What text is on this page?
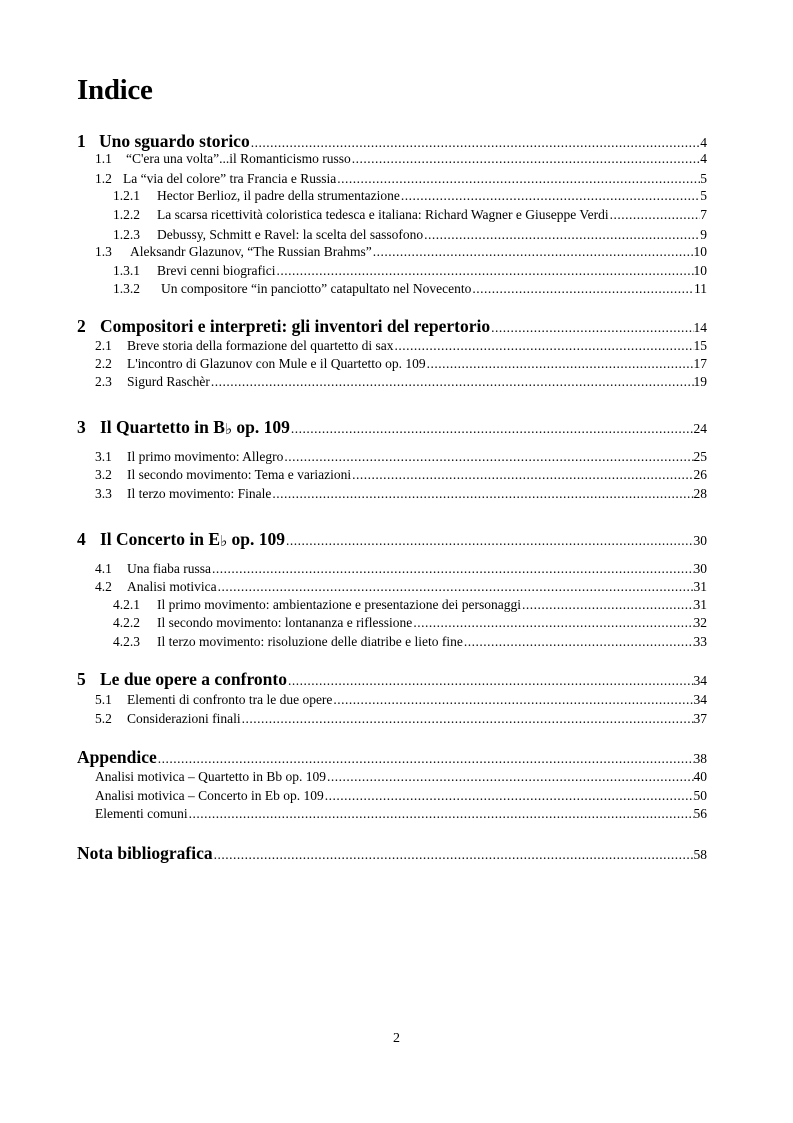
Indice
1 Uno sguardo storico .....	4
1.1 “C'era una volta”...il Romanticismo russo .....	4
1.2 La “via del colore” tra Francia e Russia .....	5
1.2.1 Hector Berlioz, il padre della strumentazione .....	5
1.2.2 La scarsa ricettività coloristica tedesca e italiana: Richard Wagner e Giuseppe Verdi .....	7
1.2.3 Debussy, Schmitt e Ravel: la scelta del sassofono .....	9
1.3 Aleksandr Glazunov, “The Russian Brahms” .....	10
1.3.1 Brevi cenni biografici .....	10
1.3.2 Un compositore “in panciotto” catapultato nel Novecento .....	11
2 Compositori e interpreti: gli inventori del repertorio .....	14
2.1 Breve storia della formazione del quartetto di sax .....	15
2.2 L'incontro di Glazunov con Mule e il Quartetto op. 109 .....	17
2.3 Sigurd Raschèr .....	19
3 Il Quartetto in B♭ op. 109 .....	24
3.1 Il primo movimento: Allegro .....	25
3.2 Il secondo movimento: Tema e variazioni .....	26
3.3 Il terzo movimento: Finale .....	28
4 Il Concerto in E♭ op. 109 .....	30
4.1 Una fiaba russa .....	30
4.2 Analisi motivica .....	31
4.2.1 Il primo movimento: ambientazione e presentazione dei personaggi .....	31
4.2.2 Il secondo movimento: lontananza e riflessione .....	32
4.2.3 Il terzo movimento: risoluzione delle diatribe e lieto fine .....	33
5 Le due opere a confronto .....	34
5.1 Elementi di confronto tra le due opere .....	34
5.2 Considerazioni finali .....	37
Appendice .....	38
Analisi motivica – Quartetto in Bb op. 109 .....	40
Analisi motivica – Concerto in Eb op. 109 .....	50
Elementi comuni .....	56
Nota bibliografica .....	58
2
